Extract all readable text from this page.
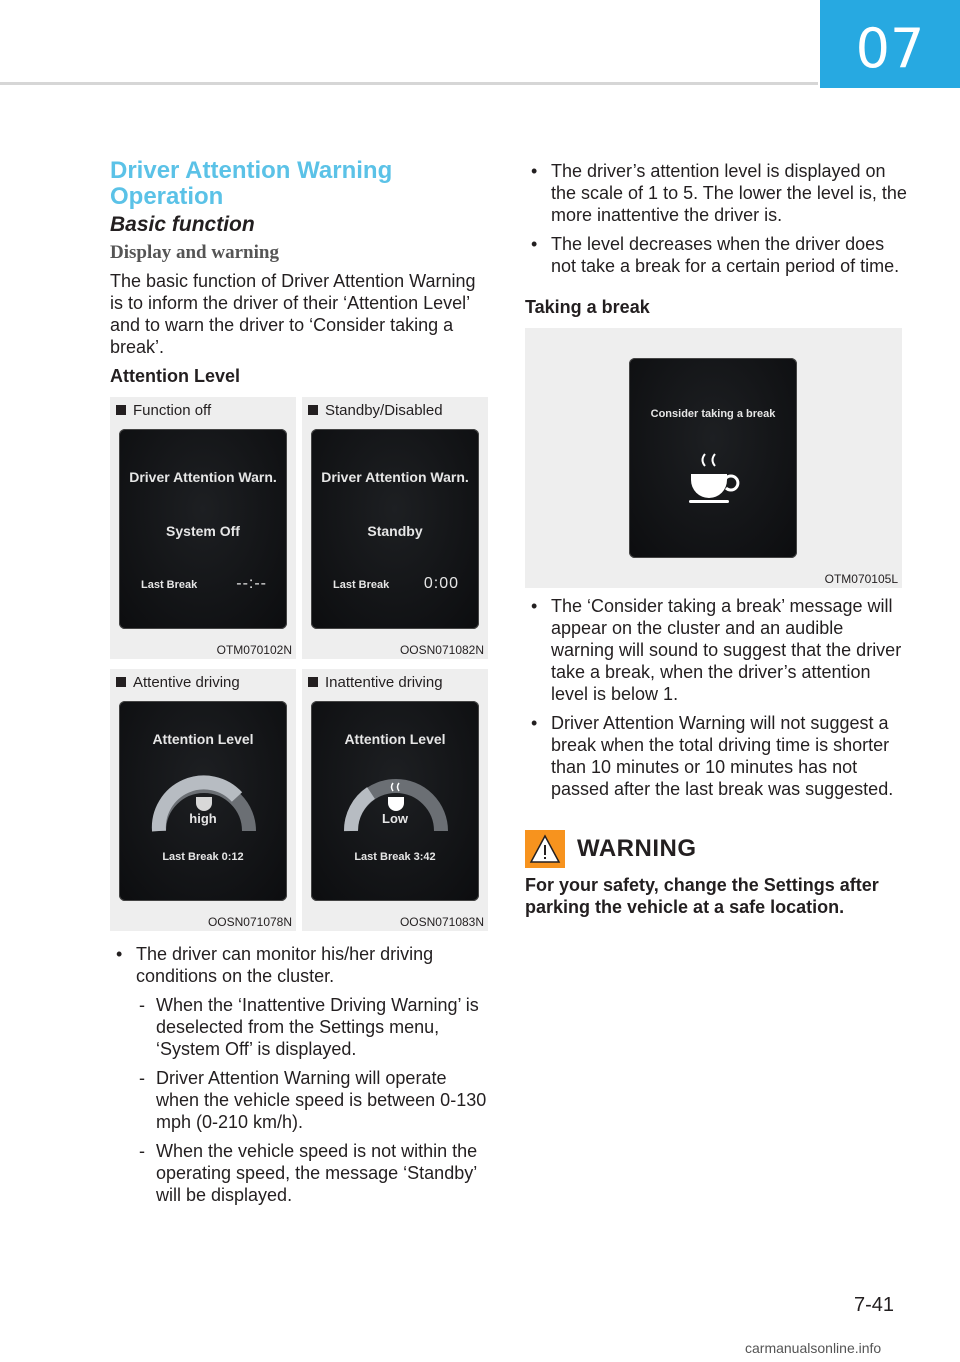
07
Driver Attention Warning Operation
Basic function
Display and warning

The basic function of Driver Attention Warning is to inform the driver of their ‘Attention Level’ and to warn the driver to ‘Consider taking a break’.

Attention Level
Function off
Driver Attention Warn.
System Off
Last Break --:--
OTM070102N
Standby/Disabled
Driver Attention Warn.
Standby
Last Break 0:00
OOSN071082N
Attentive driving
Attention Level
high
Last Break 0:12
OOSN071078N
Inattentive driving
Attention Level
Low
Last Break 3:42
OOSN071083N
• The driver can monitor his/her driving conditions on the cluster.
- When the ‘Inattentive Driving Warning’ is deselected from the Settings menu, ‘System Off’ is displayed.
- Driver Attention Warning will operate when the vehicle speed is between 0-130 mph (0-210 km/h).
- When the vehicle speed is not within the operating speed, the message ‘Standby’ will be displayed.
• The driver’s attention level is displayed on the scale of 1 to 5. The lower the level is, the more inattentive the driver is.
• The level decreases when the driver does not take a break for a certain period of time.
Taking a break
Consider taking a break
OTM070105L
• The ‘Consider taking a break’ message will appear on the cluster and an audible warning will sound to suggest that the driver take a break, when the driver’s attention level is below 1.
• Driver Attention Warning will not suggest a break when the total driving time is shorter than 10 minutes or 10 minutes has not passed after the last break was suggested.
WARNING
For your safety, change the Settings after parking the vehicle at a safe location.
7-41
carmanualsonline.info
